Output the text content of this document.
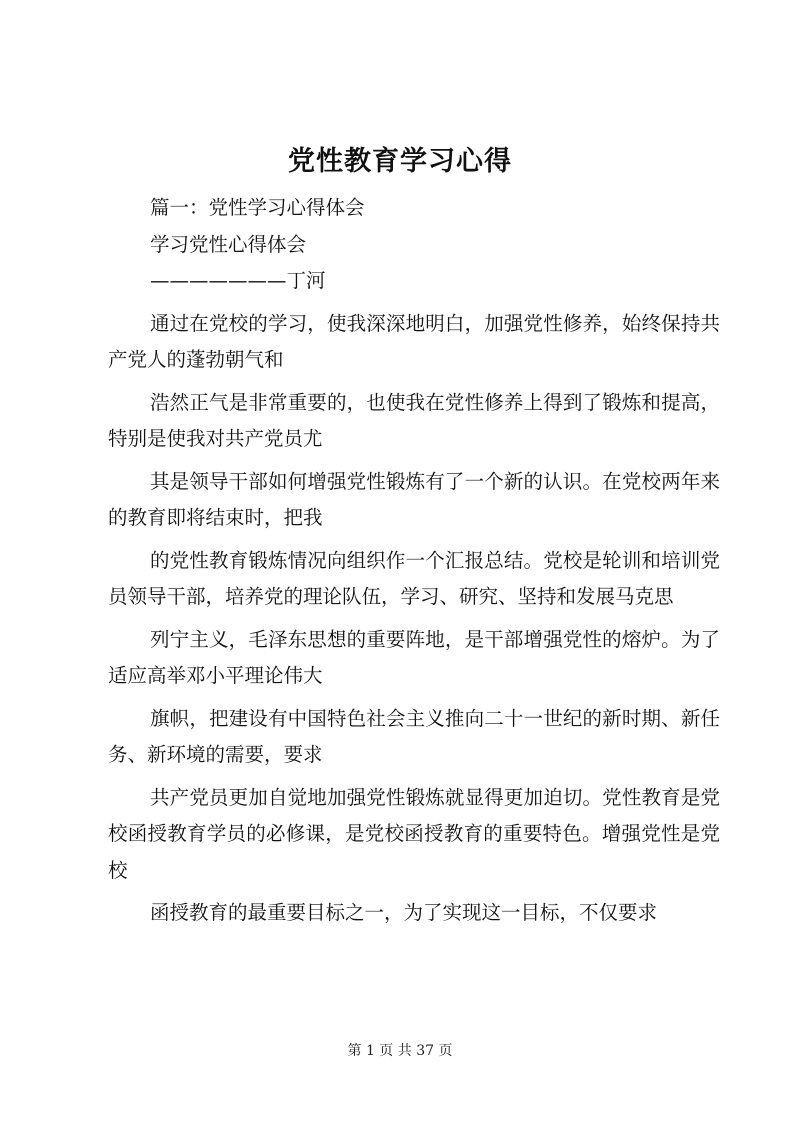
党性教育学习心得
篇一：党性学习心得体会
学习党性心得体会
———————丁河
通过在党校的学习，使我深深地明白，加强党性修养，始终保持共产党人的蓬勃朝气和
浩然正气是非常重要的，也使我在党性修养上得到了锻炼和提高，特别是使我对共产党员尤
其是领导干部如何增强党性锻炼有了一个新的认识。在党校两年来的教育即将结束时，把我
的党性教育锻炼情况向组织作一个汇报总结。党校是轮训和培训党员领导干部，培养党的理论队伍，学习、研究、坚持和发展马克思
列宁主义，毛泽东思想的重要阵地，是干部增强党性的熔炉。为了适应高举邓小平理论伟大
旗帜，把建设有中国特色社会主义推向二十一世纪的新时期、新任务、新环境的需要，要求
共产党员更加自觉地加强党性锻炼就显得更加迫切。党性教育是党校函授教育学员的必修课，是党校函授教育的重要特色。增强党性是党校
函授教育的最重要目标之一，为了实现这一目标，不仅要求
第 1 页 共 37 页
